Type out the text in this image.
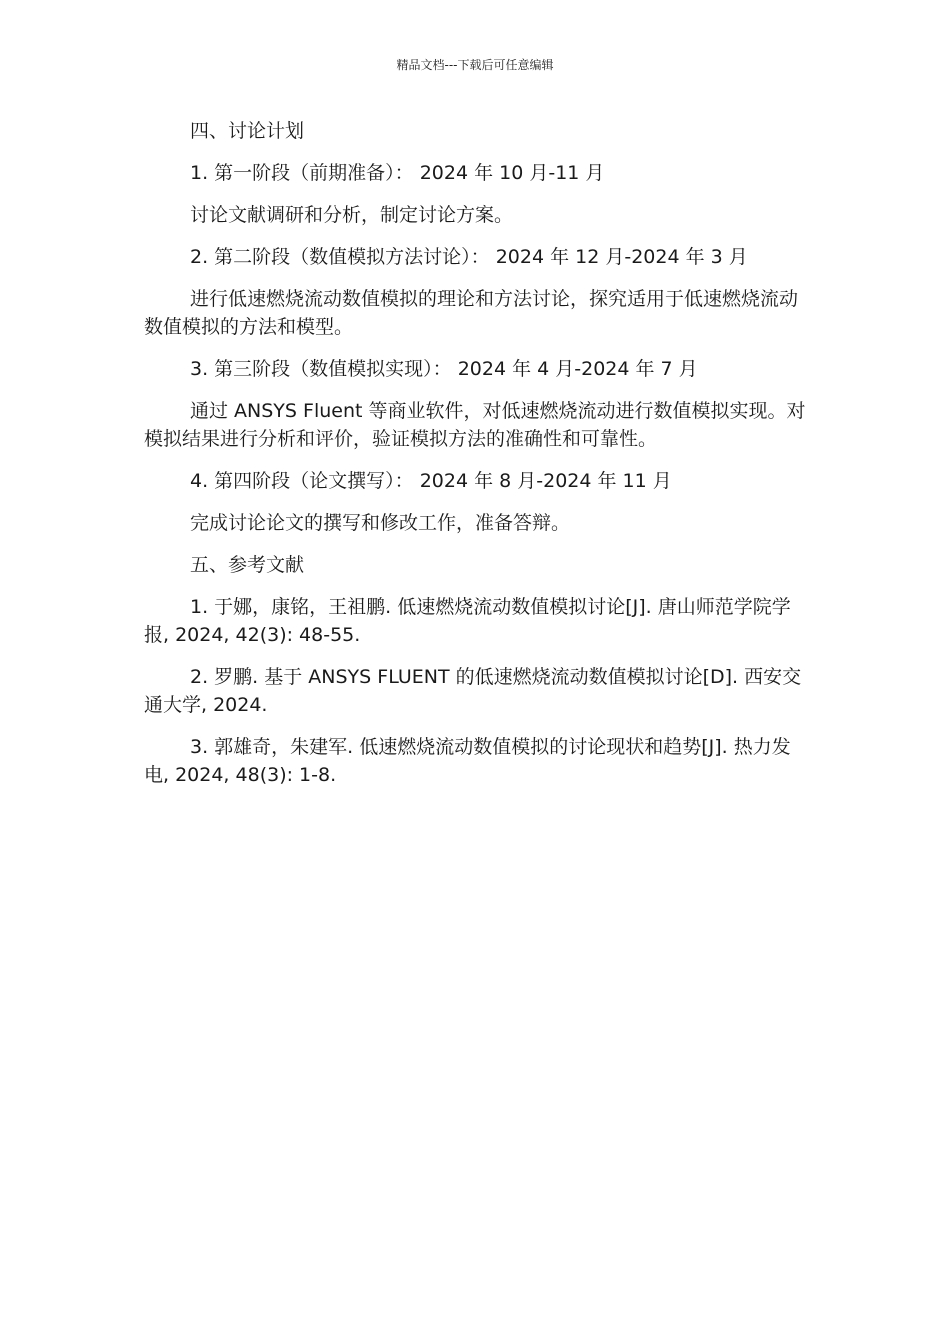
精品文档---下载后可任意编辑

四、讨论计划

1. 第一阶段（前期准备）： 2024 年 10 月-11 月

讨论文献调研和分析，制定讨论方案。

2. 第二阶段（数值模拟方法讨论）： 2024 年 12 月-2024 年 3 月

进行低速燃烧流动数值模拟的理论和方法讨论，探究适用于低速燃烧流动数值模拟的方法和模型。

3. 第三阶段（数值模拟实现）： 2024 年 4 月-2024 年 7 月

通过 ANSYS Fluent 等商业软件，对低速燃烧流动进行数值模拟实现。对模拟结果进行分析和评价，验证模拟方法的准确性和可靠性。

4. 第四阶段（论文撰写）： 2024 年 8 月-2024 年 11 月

完成讨论论文的撰写和修改工作，准备答辩。

五、参考文献

1. 于娜，康铭，王祖鹏. 低速燃烧流动数值模拟讨论[J]. 唐山师范学院学报, 2024, 42(3): 48-55.

2. 罗鹏. 基于 ANSYS FLUENT 的低速燃烧流动数值模拟讨论[D]. 西安交通大学, 2024.

3. 郭雄奇，朱建军. 低速燃烧流动数值模拟的讨论现状和趋势[J]. 热力发电, 2024, 48(3): 1-8.
